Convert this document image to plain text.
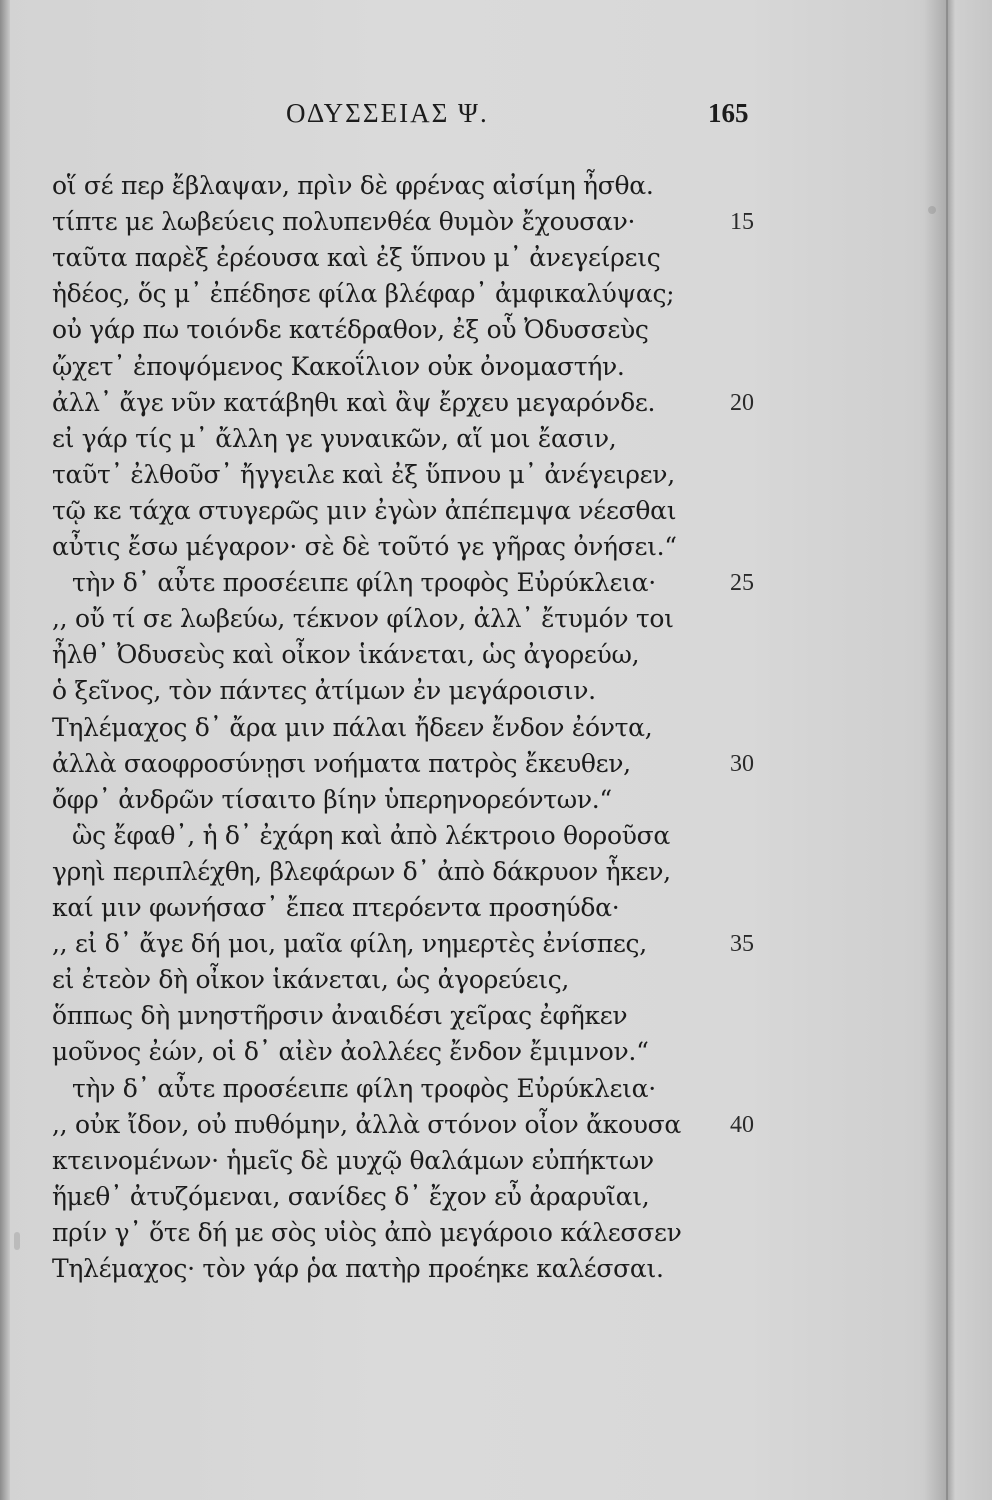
ΟΔΥΣΣΕΙΑΣ Ψ.	165
οἵ σέ περ ἔβλαψαν, πρὶν δὲ φρένας αἰσίμη ἦσθα.
τίπτε με λωβεύεις πολυπενθέα θυμὸν ἔχουσαν·
ταῦτα παρὲξ ἐρέουσα καὶ ἐξ ὕπνου μ᾽ ἀνεγείρεις
ἡδέος, ὅς μ᾽ ἐπέδησε φίλα βλέφαρ᾽ ἀμφικαλύψας;
οὐ γάρ πω τοιόνδε κατέδραθον, ἐξ οὗ Ὀδυσσεὺς
ᾤχετ᾽ ἐποψόμενος Κακοΐλιον οὐκ ὀνομαστήν.
ἀλλ᾽ ἄγε νῦν κατάβηθι καὶ ἂψ ἔρχευ μεγαρόνδε.
εἰ γάρ τίς μ᾽ ἄλλη γε γυναικῶν, αἵ μοι ἔασιν,
ταῦτ᾽ ἐλθοῦσ᾽ ἤγγειλε καὶ ἐξ ὕπνου μ᾽ ἀνέγειρεν,
τῷ κε τάχα στυγερῶς μιν ἐγὼν ἀπέπεμψα νέεσθαι
αὖτις ἔσω μέγαρον· σὲ δὲ τοῦτό γε γῆρας ὀνήσει.“
τὴν δ᾽ αὖτε προσέειπε φίλη τροφὸς Εὐρύκλεια·
,, οὔ τί σε λωβεύω, τέκνον φίλον, ἀλλ᾽ ἔτυμόν τοι
ἦλθ᾽ Ὀδυσεὺς καὶ οἶκον ἱκάνεται, ὡς ἀγορεύω,
ὁ ξεῖνος, τὸν πάντες ἀτίμων ἐν μεγάροισιν.
Τηλέμαχος δ᾽ ἄρα μιν πάλαι ἤδεεν ἔνδον ἐόντα,
ἀλλὰ σαοφροσύνῃσι νοήματα πατρὸς ἔκευθεν,
ὄφρ᾽ ἀνδρῶν τίσαιτο βίην ὑπερηνορεόντων.“
ὣς ἔφαθ᾽, ἡ δ᾽ ἐχάρη καὶ ἀπὸ λέκτροιο θοροῦσα
γρηὶ περιπλέχθη, βλεφάρων δ᾽ ἀπὸ δάκρυον ἧκεν,
καί μιν φωνήσασ᾽ ἔπεα πτερόεντα προσηύδα·
,, εἰ δ᾽ ἄγε δή μοι, μαῖα φίλη, νημερτὲς ἐνίσπες,
εἰ ἐτεὸν δὴ οἶκον ἱκάνεται, ὡς ἀγορεύεις,
ὅππως δὴ μνηστῆρσιν ἀναιδέσι χεῖρας ἐφῆκεν
μοῦνος ἐών, οἱ δ᾽ αἰὲν ἀολλέες ἔνδον ἔμιμνον.“
τὴν δ᾽ αὖτε προσέειπε φίλη τροφὸς Εὐρύκλεια·
,, οὐκ ἴδον, οὐ πυθόμην, ἀλλὰ στόνον οἶον ἄκουσα
κτεινομένων· ἡμεῖς δὲ μυχῷ θαλάμων εὐπήκτων
ἥμεθ᾽ ἀτυζόμεναι, σανίδες δ᾽ ἔχον εὖ ἀραρυῖαι,
πρίν γ᾽ ὅτε δή με σὸς υἱὸς ἀπὸ μεγάροιο κάλεσσεν
Τηλέμαχος· τὸν γάρ ῥα πατὴρ προέηκε καλέσσαι.
15
20
25
30
35
40
